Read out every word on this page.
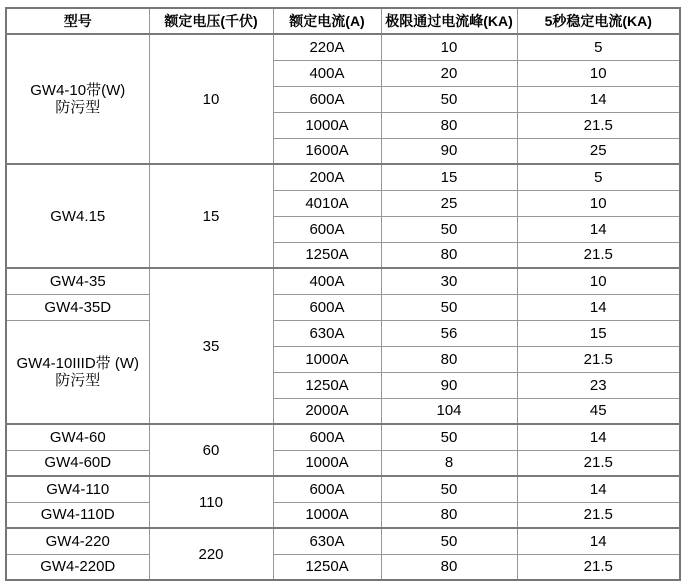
型号	额定电压(千伏)	额定电流(A)	极限通过电流峰(KA)	5秒稳定电流(KA)

GW4-10带(W)
防污型	10	220A	10	5
		400A	20	10
		600A	50	14
		1000A	80	21.5
		1600A	90	25

GW4.15	15	200A	15	5
		4010A	25	10
		600A	50	14
		1250A	80	21.5

GW4-35	35	400A	30	10

GW4-35D		600A	50	14

GW4-10IIID带 (W)
防污型		630A	56	15
		1000A	80	21.5
		1250A	90	23
		2000A	104	45

GW4-60	60	600A	50	14

GW4-60D		1000A	8	21.5

GW4-110	110	600A	50	14

GW4-110D		1000A	80	21.5

GW4-220	220	630A	50	14

GW4-220D		1250A	80	21.5
